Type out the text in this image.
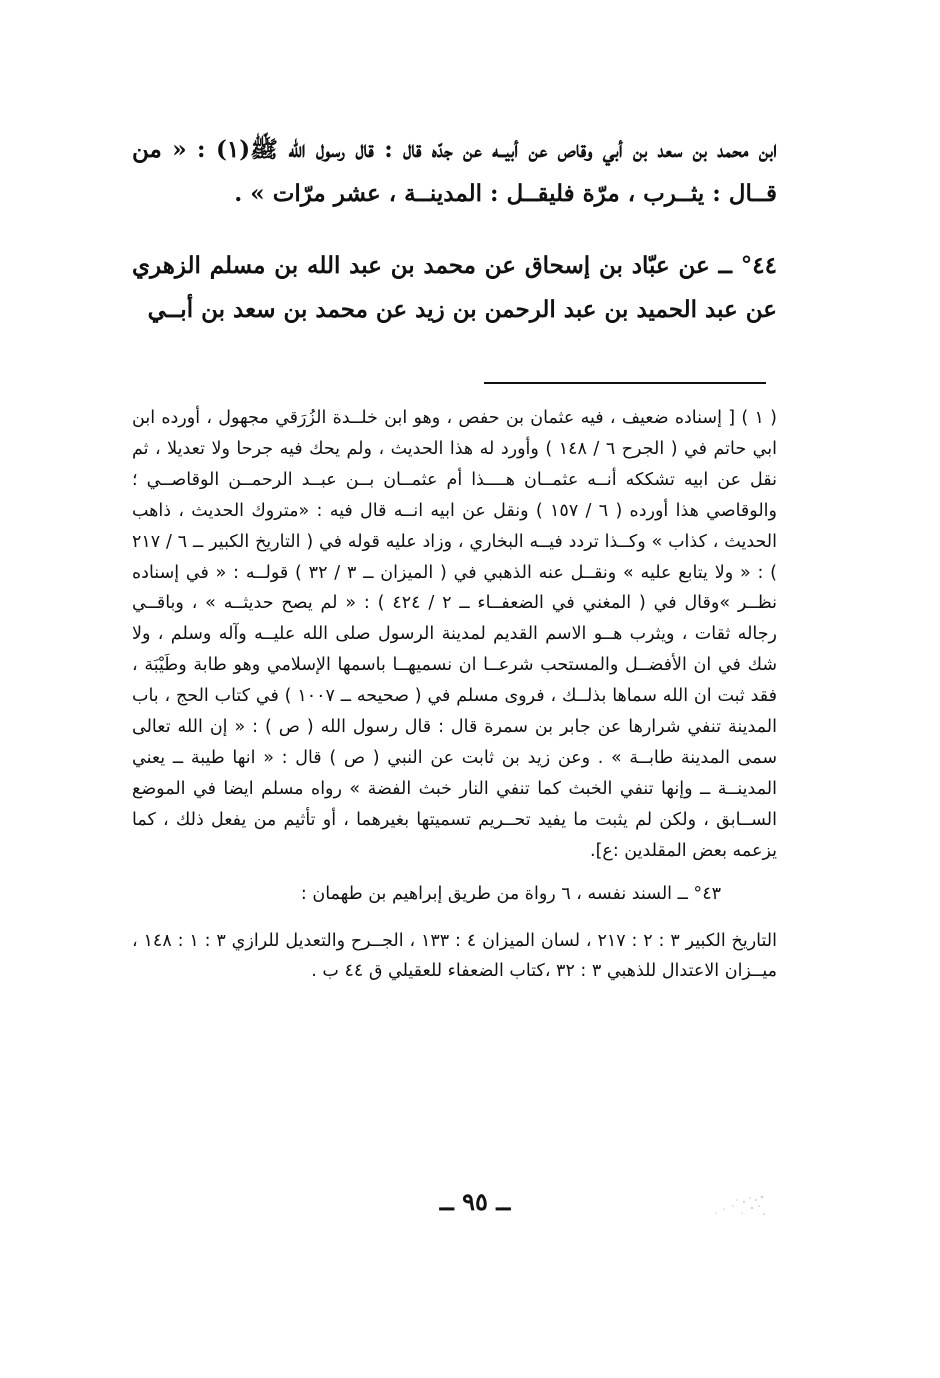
ابن محمد بن سعد بن أبي وقاص عن أبيــه عن جدّه قال : قال رسول الله ﷺ(١) : « من قــال : يثــرب ، مرّة فليقــل : المدينــة ، عشر مرّات » .

٤٤° ــ عن عبّاد بن إسحاق عن محمد بن عبد الله بن مسلم الزهري عن عبد الحميد بن عبد الرحمن بن زيد عن محمد بن سعد بن أبــي

( ١ ) [ إسناده ضعيف ، فيه عثمان بن حفص ، وهو ابن خلــدة الزُرَقي مجهول ، أورده ابن ابي حاتم في ( الجرح ٦ / ١٤٨ ) وأورد له هذا الحديث ، ولم يحك فيه جرحا ولا تعديلا ، ثم نقل عن ابيه تشككه أنــه عثمــان هــــذا أم عثمــان بــن عبــد الرحمــن الوقاصــي ؛ والوقاصي هذا أورده ( ٦ / ١٥٧ ) ونقل عن ابيه انــه قال فيه : «متروك الحديث ، ذاهب الحديث ، كذاب » وكــذا تردد فيــه البخاري ، وزاد عليه قوله في ( التاريخ الكبير ــ ٦ / ٢١٧ ) : « ولا يتابع عليه » ونقــل عنه الذهبي في ( الميزان ــ ٣ / ٣٢ ) قولــه : « في إسناده نظــر »وقال في ( المغني في الضعفــاء ــ ٢ / ٤٢٤ ) : « لم يصح حديثــه » ، وباقــي رجاله ثقات ، ويثرب هــو الاسم القديم لمدينة الرسول صلى الله عليــه وآله وسلم ، ولا شك في ان الأفضــل والمستحب شرعــا ان نسميهــا باسمها الإسلامي وهو طابة وطَيْبَة ، فقد ثبت ان الله سماها بذلــك ، فروى مسلم في ( صحيحه ــ ١٠٠٧ ) في كتاب الحج ، باب المدينة تنفي شرارها عن جابر بن سمرة قال : قال رسول الله ( ص ) : « إن الله تعالى سمى المدينة طابــة » . وعن زيد بن ثابت عن النبي ( ص ) قال : « انها طيبة ــ يعني المدينــة ــ وإنها تنفي الخبث كما تنفي النار خبث الفضة » رواه مسلم ايضا في الموضع الســابق ، ولكن لم يثبت ما يفيد تحــريم تسميتها بغيرهما ، أو تأثيم من يفعل ذلك ، كما يزعمه بعض المقلدين :ع].

٤٣° ــ السند نفسه ، ٦ رواة من طريق إبراهيم بن طهمان :

التاريخ الكبير ٣ : ٢ : ٢١٧ ، لسان الميزان ٤ : ١٣٣ ، الجــرح والتعديل للرازي ٣ : ١ : ١٤٨ ، ميــزان الاعتدال للذهبي ٣ : ٣٢ ،كتاب الضعفاء للعقيلي ق ٤٤ ب .

ــ ٩٥ ــ
